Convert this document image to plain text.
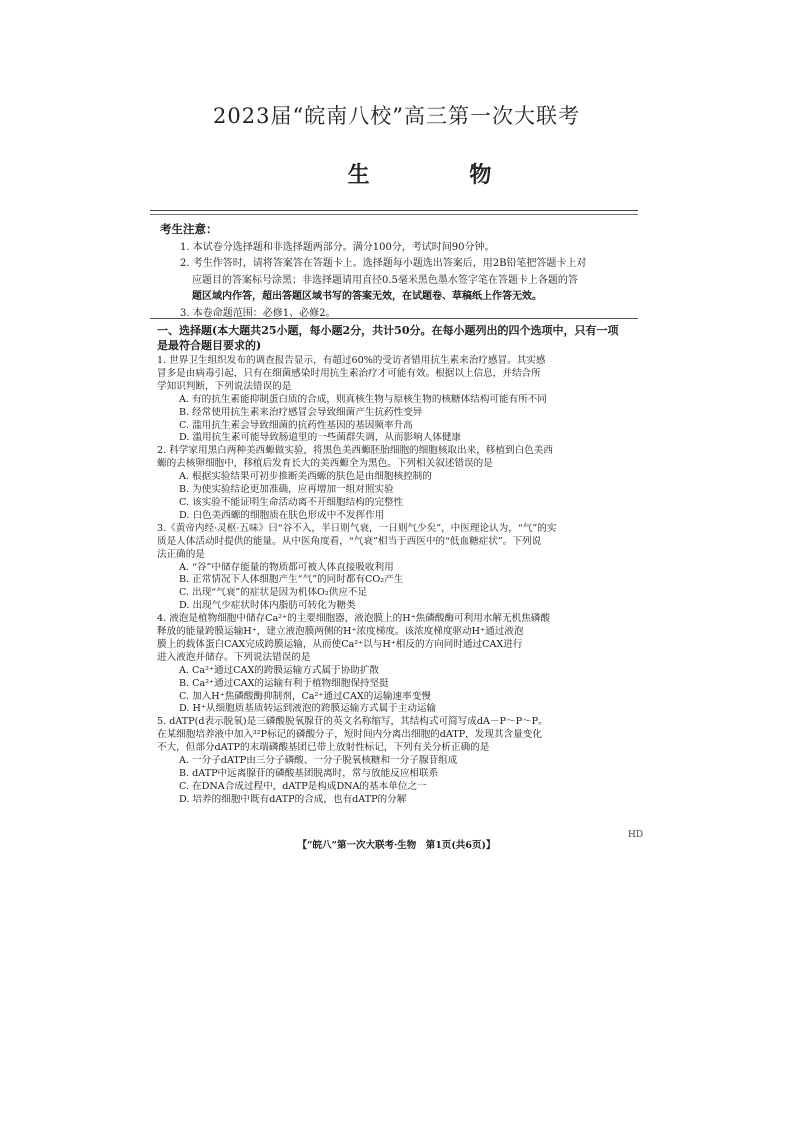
2023届“皖南八校”高三第一次大联考
生 物
考生注意：
1. 本试卷分选择题和非选择题两部分。满分100分，考试时间90分钟。
2. 考生作答时，请将答案答在答题卡上。选择题每小题选出答案后，用2B铅笔把答题卡上对
应题目的答案标号涂黑；非选择题请用直径0.5毫米黑色墨水签字笔在答题卡上各题的答
题区域内作答，超出答题区域书写的答案无效，在试题卷、草稿纸上作答无效。
3. 本卷命题范围：必修1、必修2。
一、选择题(本大题共25小题，每小题2分，共计50分。在每小题列出的四个选项中，只有一项
是最符合题目要求的)
1. 世界卫生组织发布的调查报告显示，有超过60%的受访者错用抗生素来治疗感冒。其实感
冒多是由病毒引起，只有在细菌感染时用抗生素治疗才可能有效。根据以上信息，并结合所
学知识判断，下列说法错误的是
A. 有的抗生素能抑制蛋白质的合成，则真核生物与原核生物的核糖体结构可能有所不同
B. 经常使用抗生素来治疗感冒会导致细菌产生抗药性变异
C. 滥用抗生素会导致细菌的抗药性基因的基因频率升高
D. 滥用抗生素可能导致肠道里的一些菌群失调，从而影响人体健康
2. 科学家用黑白两种美西螈做实验，将黑色美西螈胚胎细胞的细胞核取出来，移植到白色美西
螈的去核卵细胞中，移植后发育长大的美西螈全为黑色。下列相关叙述错误的是
A. 根据实验结果可初步推断美西螈的肤色是由细胞核控制的
B. 为使实验结论更加准确，应再增加一组对照实验
C. 该实验不能证明生命活动离不开细胞结构的完整性
D. 白色美西螈的细胞质在肤色形成中不发挥作用
3.《黄帝内经·灵枢·五味》曰“谷不入，半日则气衰，一日则气少矣”，中医理论认为，“气”的实
质是人体活动时提供的能量。从中医角度看，“气衰”相当于西医中的“低血糖症状”。下列说
法正确的是
A. “谷”中储存能量的物质都可被人体直接吸收利用
B. 正常情况下人体细胞产生“气”的同时都有CO₂产生
C. 出现“气衰”的症状是因为机体O₂供应不足
D. 出现气少症状时体内脂肪可转化为糖类
4. 液泡是植物细胞中储存Ca²⁺的主要细胞器，液泡膜上的H⁺焦磷酸酶可利用水解无机焦磷酸
释放的能量跨膜运输H⁺，建立液泡膜两侧的H⁺浓度梯度。该浓度梯度驱动H⁺通过液泡
膜上的载体蛋白CAX完成跨膜运输，从而使Ca²⁺以与H⁺相反的方向同时通过CAX进行
进入液泡并储存。下列说法错误的是
A. Ca²⁺通过CAX的跨膜运输方式属于协助扩散
B. Ca²⁺通过CAX的运输有利于植物细胞保持坚挺
C. 加入H⁺焦磷酸酶抑制剂，Ca²⁺通过CAX的运输速率变慢
D. H⁺从细胞质基质转运到液泡的跨膜运输方式属于主动运输
5. dATP(d表示脱氧)是三磷酸脱氧腺苷的英文名称缩写，其结构式可简写成dA－P～P～P。
在某细胞培养液中加入³²P标记的磷酸分子，短时间内分离出细胞的dATP，发现其含量变化
不大，但部分dATP的末端磷酸基团已带上放射性标记，下列有关分析正确的是
A. 一分子dATP由三分子磷酸、一分子脱氧核糖和一分子腺苷组成
B. dATP中远离腺苷的磷酸基团脱离时，常与放能反应相联系
C. 在DNA合成过程中，dATP是构成DNA的基本单位之一
D. 培养的细胞中既有dATP的合成，也有dATP的分解
【“皖八”第一次大联考·生物　第1页(共6页)】
HD
